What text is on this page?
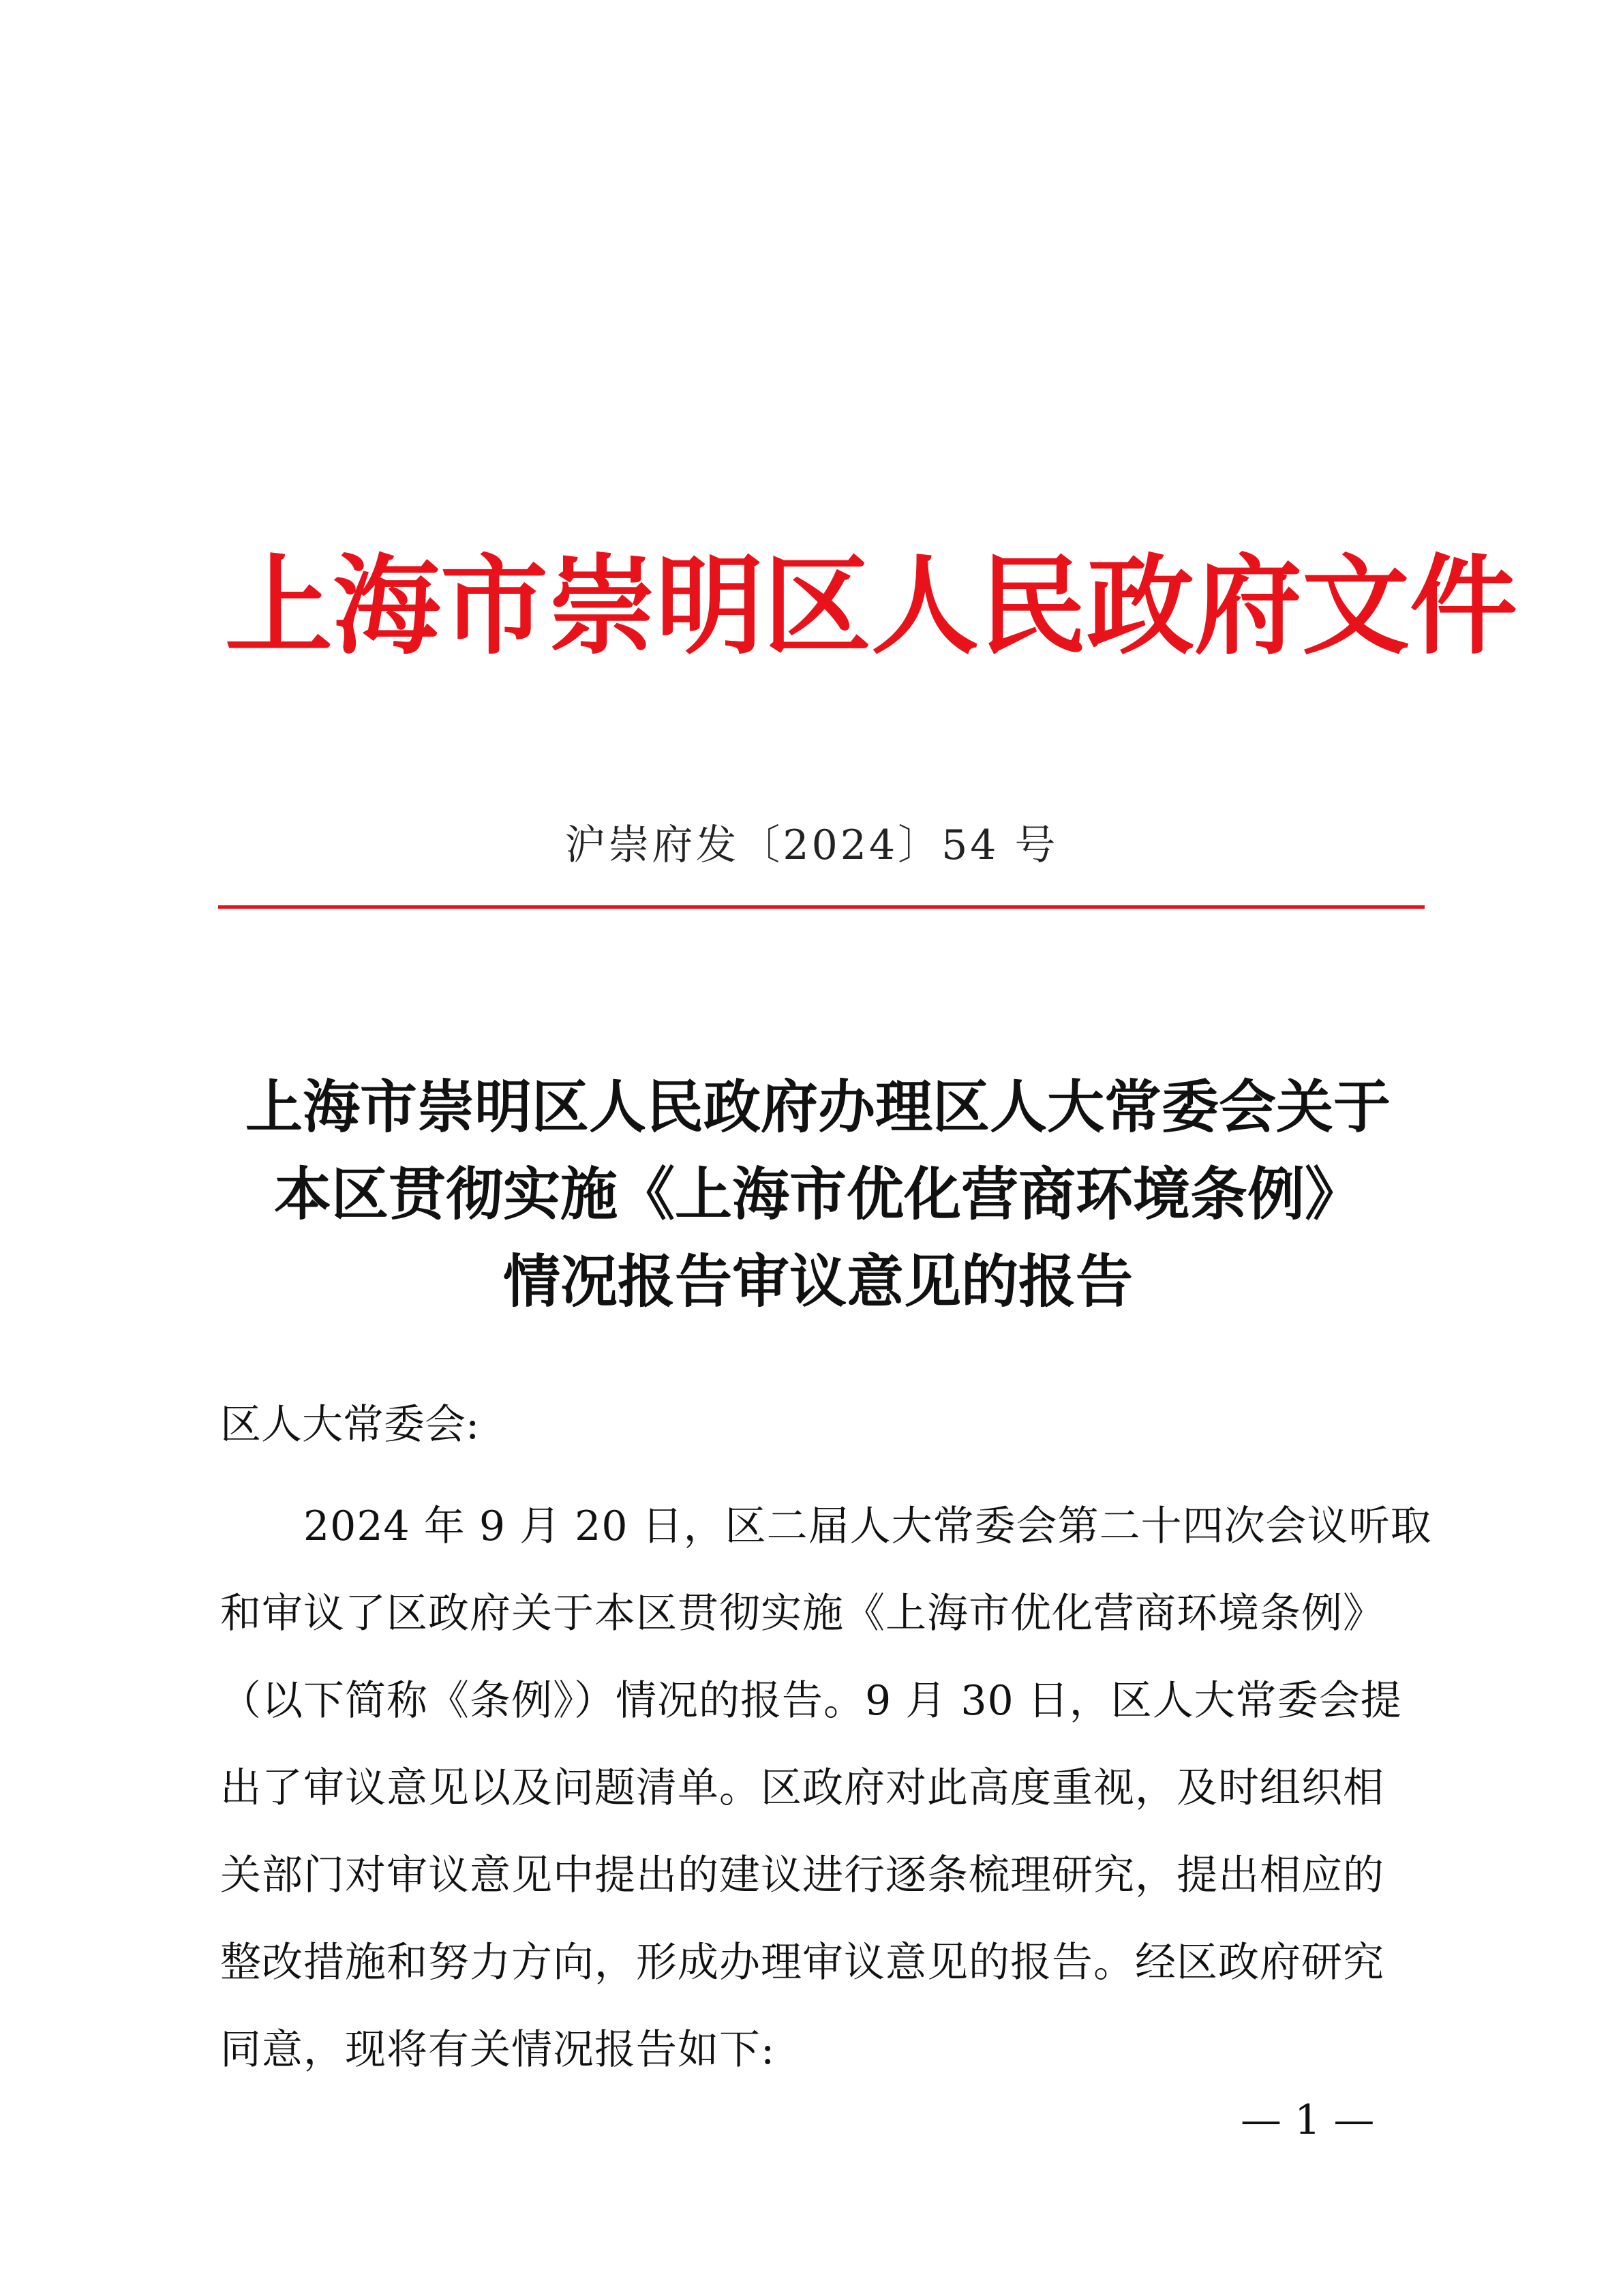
上海市崇明区人民政府文件
沪崇府发〔2024〕54 号
上海市崇明区人民政府办理区人大常委会关于
本区贯彻实施《上海市优化营商环境条例》
情况报告审议意见的报告
区人大常委会:
　　2024 年 9 月 20 日，区二届人大常委会第二十四次会议听取
和审议了区政府关于本区贯彻实施《上海市优化营商环境条例》
（以下简称《条例》）情况的报告。9 月 30 日，区人大常委会提
出了审议意见以及问题清单。区政府对此高度重视，及时组织相
关部门对审议意见中提出的建议进行逐条梳理研究，提出相应的
整改措施和努力方向，形成办理审议意见的报告。经区政府研究
同意，现将有关情况报告如下:
— 1 —
